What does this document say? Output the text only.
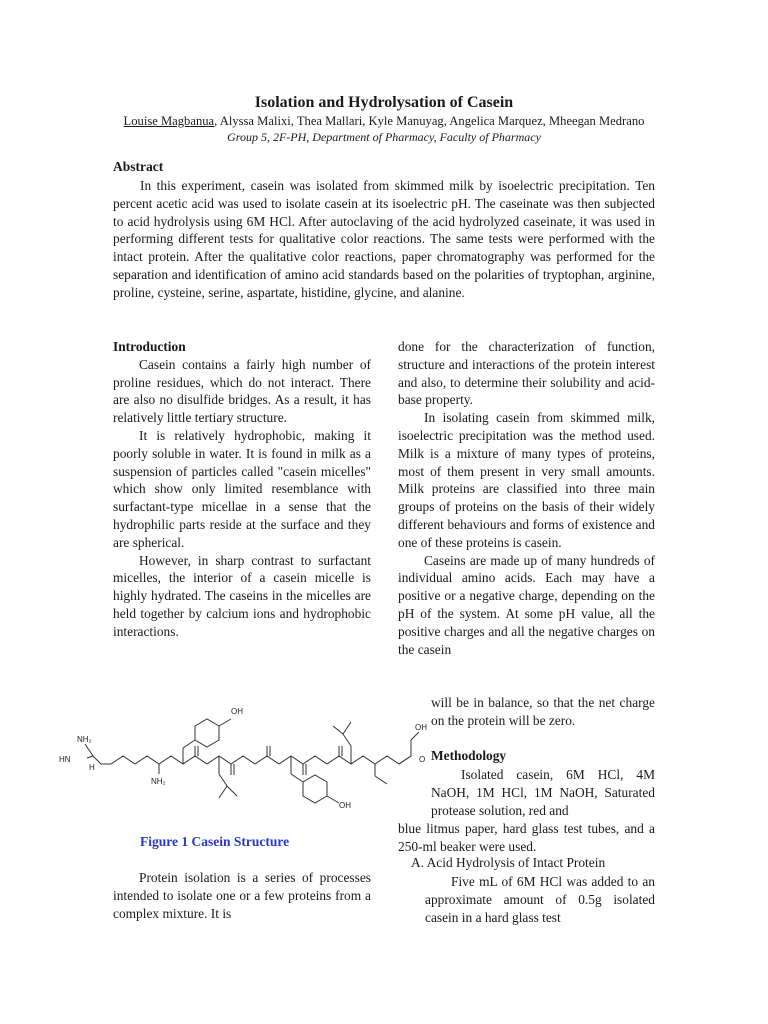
Isolation and Hydrolysation of Casein
Louise Magbanua, Alyssa Malixi, Thea Mallari, Kyle Manuyag, Angelica Marquez, Mheegan Medrano
Group 5, 2F-PH, Department of Pharmacy, Faculty of Pharmacy
Abstract

In this experiment, casein was isolated from skimmed milk by isoelectric precipitation. Ten percent acetic acid was used to isolate casein at its isoelectric pH. The caseinate was then subjected to acid hydrolysis using 6M HCl. After autoclaving of the acid hydrolyzed caseinate, it was used in performing different tests for qualitative color reactions. The same tests were performed with the intact protein. After the qualitative color reactions, paper chromatography was performed for the separation and identification of amino acid standards based on the polarities of tryptophan, arginine, proline, cysteine, serine, aspartate, histidine, glycine, and alanine.

Introduction

Casein contains a fairly high number of proline residues, which do not interact. There are also no disulfide bridges. As a result, it has relatively little tertiary structure.

It is relatively hydrophobic, making it poorly soluble in water. It is found in milk as a suspension of particles called "casein micelles" which show only limited resemblance with surfactant-type micellae in a sense that the hydrophilic parts reside at the surface and they are spherical.

However, in sharp contrast to surfactant micelles, the interior of a casein micelle is highly hydrated. The caseins in the micelles are held together by calcium ions and hydrophobic interactions.

done for the characterization of function, structure and interactions of the protein interest and also, to determine their solubility and acid-base property.

In isolating casein from skimmed milk, isoelectric precipitation was the method used. Milk is a mixture of many types of proteins, most of them present in very small amounts. Milk proteins are classified into three main groups of proteins on the basis of their widely different behaviours and forms of existence and one of these proteins is casein.

Caseins are made up of many hundreds of individual amino acids. Each may have a positive or a negative charge, depending on the pH of the system. At some pH value, all the positive charges and all the negative charges on the casein

will be in balance, so that the net charge on the protein will be zero.

NH₂
HN
H
NH₂
OH
OH
OH
O
Figure 1 Casein Structure

Protein isolation is a series of processes intended to isolate one or a few proteins from a complex mixture. It is

Methodology

Isolated casein, 6M HCl, 4M NaOH, 1M HCl, 1M NaOH, Saturated protease solution, red and

blue litmus paper, hard glass test tubes, and a 250-ml beaker were used.

A. Acid Hydrolysis of Intact Protein

Five mL of 6M HCl was added to an approximate amount of 0.5g isolated casein in a hard glass test
